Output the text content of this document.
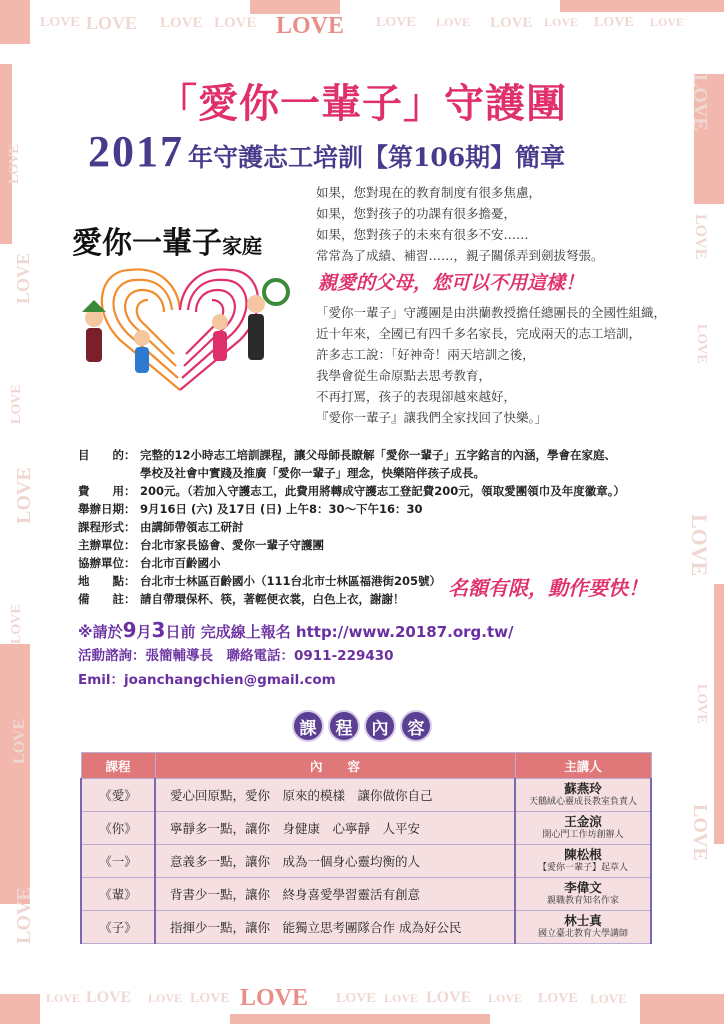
LOVE LOVE LOVE LOVE LOVE LOVE LOVE LOVE LOVE LOVE LOVE
LOVE LOVE LOVE LOVE LOVE LOVE LOVE LOVE LOVE LOVE LOVE
LOVE
LOVE
LOVE
LOVE
LOVE
LOVE
LOVE
LOVE
LOVE
LOVE
LOVE
LOVE
LOVE
「愛你一輩子」守護團
2017 年守護志工培訓【第106期】簡章
愛你一輩子家庭
如果，您對現在的教育制度有很多焦慮，
如果，您對孩子的功課有很多擔憂，
如果，您對孩子的未來有很多不安……
常常為了成績、補習……，親子關係弄到劍拔弩張。
親愛的父母，您可以不用這樣！
「愛你一輩子」守護團是由洪蘭教授擔任總團長的全國性組織，
近十年來，全國已有四千多名家長，完成兩天的志工培訓，
許多志工說：「好神奇！兩天培訓之後，
我學會從生命原點去思考教育，
不再打罵，孩子的表現卻越來越好，
『愛你一輩子』讓我們全家找回了快樂。」
目　　的： 完整的12小時志工培訓課程，讓父母師長瞭解「愛你一輩子」五字銘言的內涵，學會在家庭、
學校及社會中實踐及推廣「愛你一輩子」理念，快樂陪伴孩子成長。
費　　用： 200元。（若加入守護志工，此費用將轉成守護志工登記費200元，領取愛團領巾及年度徽章。）
舉辦日期： 9月16日 (六) 及17日 (日) 上午8：30～下午16：30
課程形式： 由講師帶領志工研討
主辦單位： 台北市家長協會、愛你一輩子守護團
協辦單位： 台北市百齡國小
地　　點： 台北市士林區百齡國小（111台北市士林區福港街205號）
備　　註： 請自帶環保杯、筷，著輕便衣裳，白色上衣，謝謝！	名額有限，動作要快！
※請於9月3日前 完成線上報名 http://www.20187.org.tw/
活動諮詢：張簡輔導長　聯絡電話：0911-229430
Emil：joanchangchien@gmail.com
課	程	內	容
課程	內　　容	主講人
《愛》	愛心回原點，愛你　原來的模樣　讓你做你自己	蘇燕玲
天鵝絨心靈成長教室負責人

《你》	寧靜多一點，讓你　身健康　心寧靜　人平安	王金涼
開心門工作坊創辦人

《一》	意義多一點，讓你　成為一個身心靈均衡的人	陳松根
【愛你一輩子】起草人

《輩》	背書少一點，讓你　終身喜愛學習靈活有創意	李偉文
親職教育知名作家

《子》	指揮少一點，讓你　能獨立思考團隊合作 成為好公民	林士真
國立臺北教育大學講師
